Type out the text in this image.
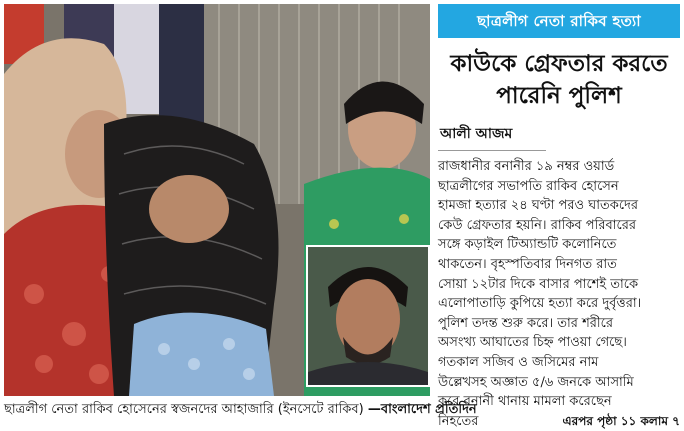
ছাত্রলীগ নেতা রাকিব হোসেনের স্বজনদের আহাজারি (ইনসেটে রাকিব) —বাংলাদেশ প্রতিদিন
ছাত্রলীগ নেতা রাকিব হত্যা
কাউকে গ্রেফতার করতে
পারেনি পুলিশ
আলী আজম
রাজধানীর বনানীর ১৯ নম্বর ওয়ার্ড
ছাত্রলীগের সভাপতি রাকিব হোসেন
হামজা হত্যার ২৪ ঘণ্টা পরও ঘাতকদের
কেউ গ্রেফতার হয়নি। রাকিব পরিবারের
সঙ্গে কড়াইল টিঅ্যান্ডটি কলোনিতে
থাকতেন। বৃহস্পতিবার দিনগত রাত
সোয়া ১২টার দিকে বাসার পাশেই তাকে
এলোপাতাড়ি কুপিয়ে হত্যা করে দুর্বৃত্তরা।
পুলিশ তদন্ত শুরু করে। তার শরীরে
অসংখ্য আঘাতের চিহ্ন পাওয়া গেছে।
গতকাল সজিব ও জসিমের নাম
উল্লেখসহ অজ্ঞাত ৫/৬ জনকে আসামি
করে বনানী থানায় মামলা করেছেন
নিহতের	এরপর পৃষ্ঠা ১১ কলাম ৭
